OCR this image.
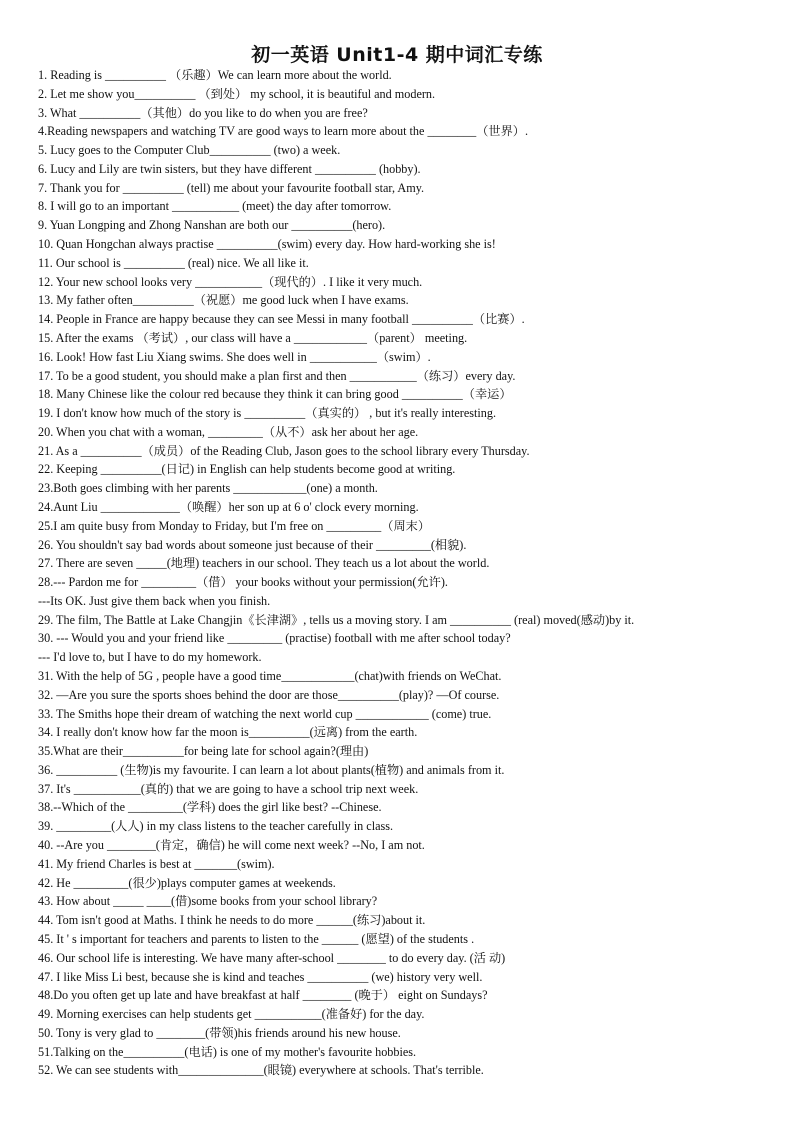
初一英语 Unit1-4 期中词汇专练
1. Reading is __________ （乐趣）We can learn more about the world.
2. Let me show you__________ （到处） my school, it is beautiful and modern.
3. What __________（其他）do you like to do when you are free?
4.Reading newspapers and watching TV are good ways to learn more about the ________（世界）.
5. Lucy goes to the Computer Club__________ (two) a week.
6. Lucy and Lily are twin sisters, but they have different __________ (hobby).
7. Thank you for __________ (tell) me about your favourite football star, Amy.
8. I will go to an important ___________ (meet) the day after tomorrow.
9. Yuan Longping and Zhong Nanshan are both our __________(hero).
10. Quan Hongchan always practise __________(swim) every day. How hard-working she is!
11. Our school is __________ (real) nice. We all like it.
12. Your new school looks very ___________（现代的）. I like it very much.
13. My father often__________（祝愿）me good luck when I have exams.
14. People in France are happy because they can see Messi in many football __________（比赛）.
15. After the exams （考试）, our class will have a ____________（parent） meeting.
16. Look! How fast Liu Xiang swims. She does well in ___________（swim）.
17. To be a good student, you should make a plan first and then ___________（练习）every day.
18. Many Chinese like the colour red because they think it can bring good __________（幸运）
19. I don't know how much of the story is __________（真实的） , but it's really interesting.
20. When you chat with a woman, _________（从不）ask her about her age.
21. As a __________（成员）of the Reading Club, Jason goes to the school library every Thursday.
22. Keeping __________(日记) in English can help students become good at writing.
23.Both goes climbing with her parents ____________(one) a month.
24.Aunt Liu _____________（唤醒）her son up at 6 o' clock every morning.
25.I am quite busy from Monday to Friday, but I'm free on _________（周末）
26. You shouldn't say bad words about someone just because of their _________(相貌).
27. There are seven _____(地理) teachers in our school. They teach us a lot about the world.
28.--- Pardon me for _________（借） your books without your permission(允许).
---Its OK. Just give them back when you finish.
29. The film, The Battle at Lake Changjin《长津湖》, tells us a moving story. I am __________ (real) moved(感动)by it.
30. --- Would you and your friend like _________ (practise) football with me after school today?
--- I'd love to, but I have to do my homework.
31. With the help of 5G , people have a good time____________(chat)with friends on WeChat.
32. —Are you sure the sports shoes behind the door are those__________(play)? —Of course.
33. The Smiths hope their dream of watching the next world cup ____________ (come) true.
34. I really don't know how far the moon is__________(远离) from the earth.
35.What are their__________for being late for school again?(理由)
36. __________ (生物)is my favourite. I can learn a lot about plants(植物) and animals from it.
37. It's ___________(真的) that we are going to have a school trip next week.
38.--Which of the _________(学科) does the girl like best? --Chinese.
39. _________(人人) in my class listens to the teacher carefully in class.
40. --Are you ________(肯定，确信) he will come next week? --No, I am not.
41. My friend Charles is best at _______(swim).
42. He _________(很少)plays computer games at weekends.
43. How about _____ ____(借)some books from your school library?
44. Tom isn't good at Maths. I think he needs to do more ______(练习)about it.
45. It ' s important for teachers and parents to listen to the ______ (愿望) of the students .
46. Our school life is interesting. We have many after-school ________ to do every day. (活 动)
47. I like Miss Li best, because she is kind and teaches __________ (we) history very well.
48.Do you often get up late and have breakfast at half ________ (晚于） eight on Sundays?
49. Morning exercises can help students get ___________(准备好) for the day.
50. Tony is very glad to ________(带领)his friends around his new house.
51.Talking on the__________(电话) is one of my mother's favourite hobbies.
52. We can see students with______________(眼镜) everywhere at schools. That's terrible.
